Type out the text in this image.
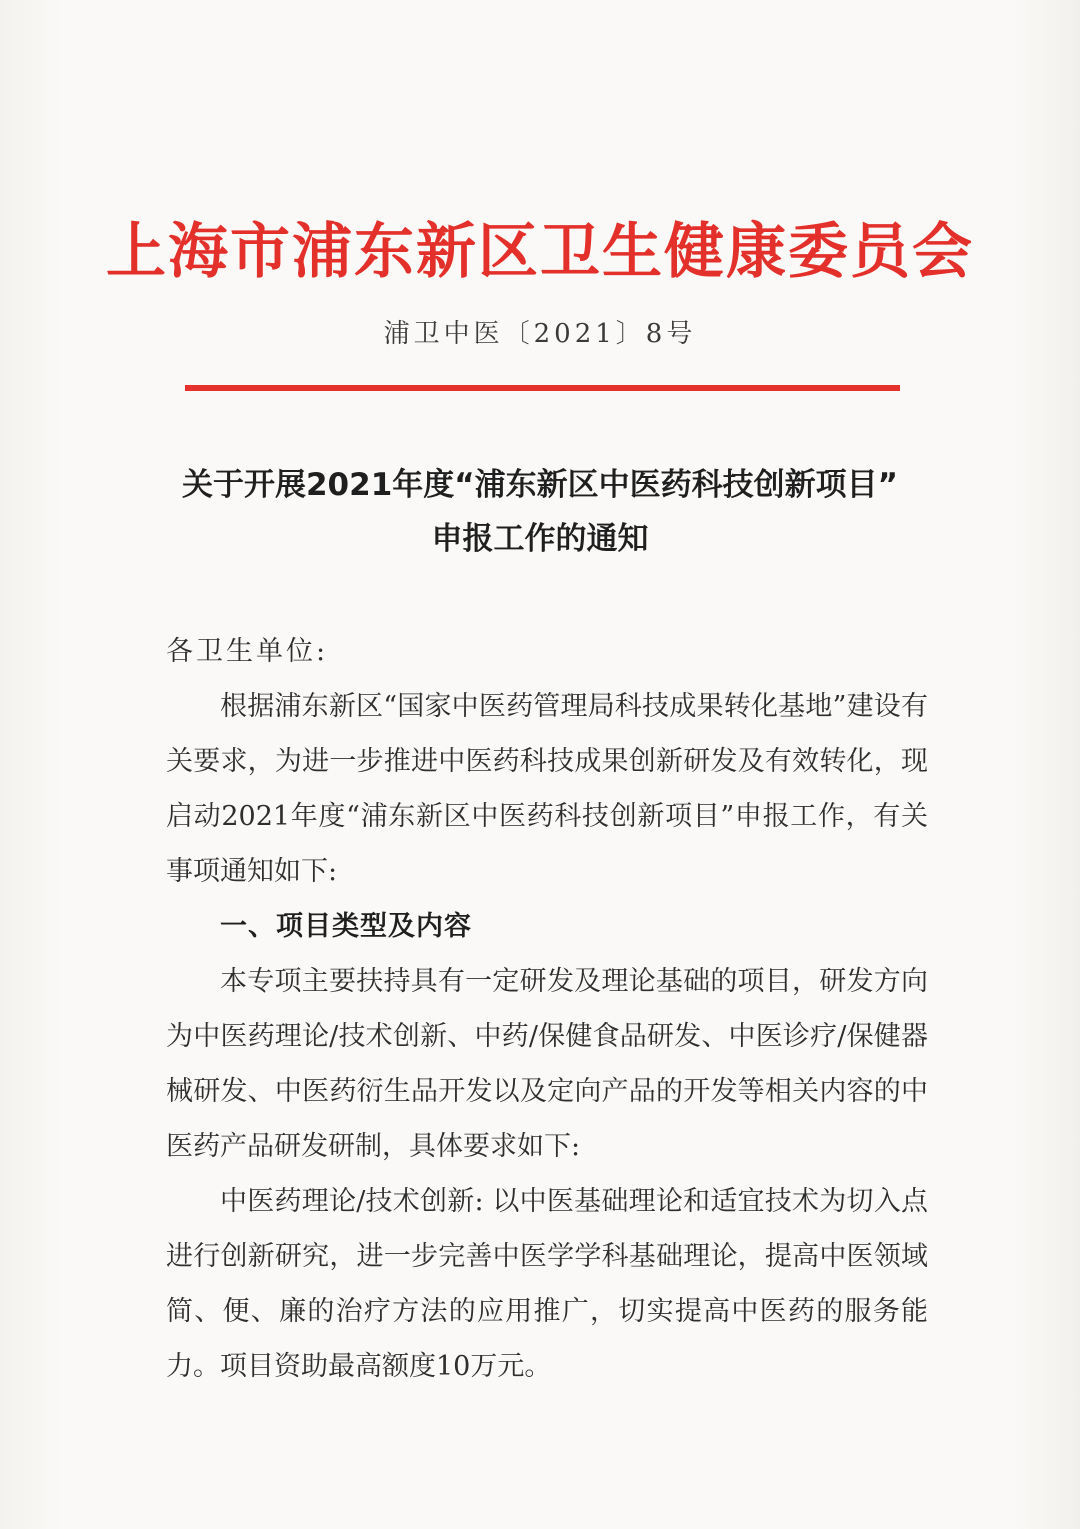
上海市浦东新区卫生健康委员会
浦卫中医〔2021〕8号
关于开展2021年度“浦东新区中医药科技创新项目”
申报工作的通知

各卫生单位:

根据浦东新区“国家中医药管理局科技成果转化基地”建设有关要求，为进一步推进中医药科技成果创新研发及有效转化，现启动2021年度“浦东新区中医药科技创新项目”申报工作，有关事项通知如下:

一、项目类型及内容

本专项主要扶持具有一定研发及理论基础的项目，研发方向为中医药理论/技术创新、中药/保健食品研发、中医诊疗/保健器械研发、中医药衍生品开发以及定向产品的开发等相关内容的中医药产品研发研制，具体要求如下:

中医药理论/技术创新: 以中医基础理论和适宜技术为切入点进行创新研究，进一步完善中医学学科基础理论，提高中医领域简、便、廉的治疗方法的应用推广，切实提高中医药的服务能力。项目资助最高额度10万元。
